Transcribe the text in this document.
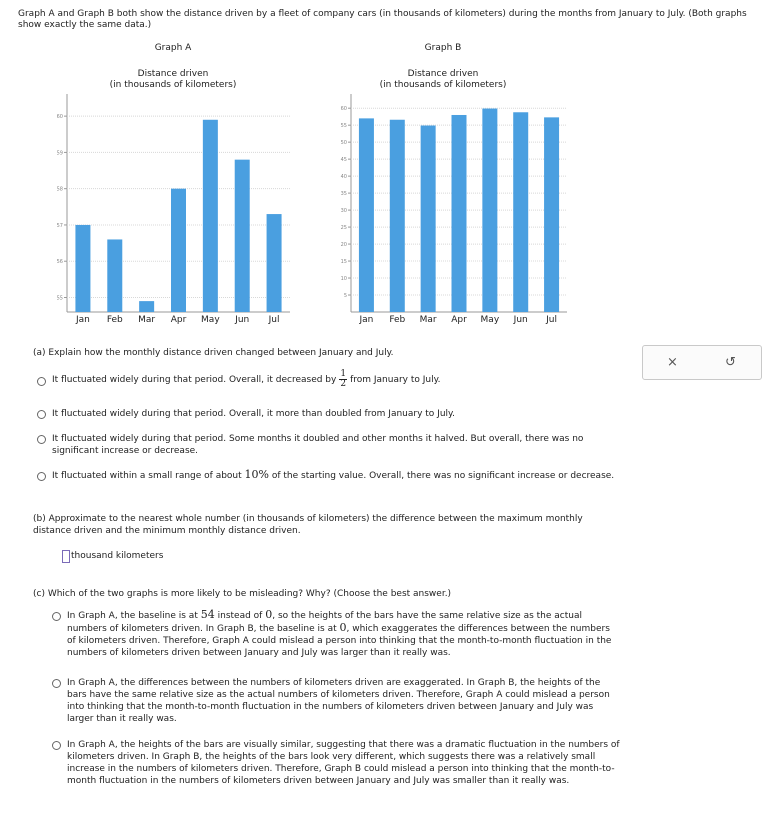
Graph A and Graph B both show the distance driven by a fleet of company cars (in thousands of kilometers) during the months from January to July. (Both graphs show exactly the same data.)
Graph A
Distance driven
(in thousands of kilometers)
55
56
57
58
59
60
Jan Feb Mar Apr May Jun Jul
Graph B
Distance driven
(in thousands of kilometers)
5
10
15
20
25
30
35
40
45
50
55
60
Jan Feb Mar Apr May Jun Jul
×	↺
(a) Explain how the monthly distance driven changed between January and July.
It fluctuated widely during that period. Overall, it decreased by $\frac{1}{2}$ from January to July.
It fluctuated widely during that period. Overall, it more than doubled from January to July.
It fluctuated widely during that period. Some months it doubled and other months it halved. But overall, there was no significant increase or decrease.
It fluctuated within a small range of about 10% of the starting value. Overall, there was no significant increase or decrease.
(b) Approximate to the nearest whole number (in thousands of kilometers) the difference between the maximum monthly distance driven and the minimum monthly distance driven.
thousand kilometers
(c) Which of the two graphs is more likely to be misleading? Why? (Choose the best answer.)
In Graph A, the baseline is at 54 instead of 0, so the heights of the bars have the same relative size as the actual numbers of kilometers driven. In Graph B, the baseline is at 0, which exaggerates the differences between the numbers of kilometers driven. Therefore, Graph A could mislead a person into thinking that the month-to-month fluctuation in the numbers of kilometers driven between January and July was larger than it really was.
In Graph A, the differences between the numbers of kilometers driven are exaggerated. In Graph B, the heights of the bars have the same relative size as the actual numbers of kilometers driven. Therefore, Graph A could mislead a person into thinking that the month-to-month fluctuation in the numbers of kilometers driven between January and July was larger than it really was.
In Graph A, the heights of the bars are visually similar, suggesting that there was a dramatic fluctuation in the numbers of kilometers driven. In Graph B, the heights of the bars look very different, which suggests there was a relatively small increase in the numbers of kilometers driven. Therefore, Graph B could mislead a person into thinking that the month-to-month fluctuation in the numbers of kilometers driven between January and July was smaller than it really was.
